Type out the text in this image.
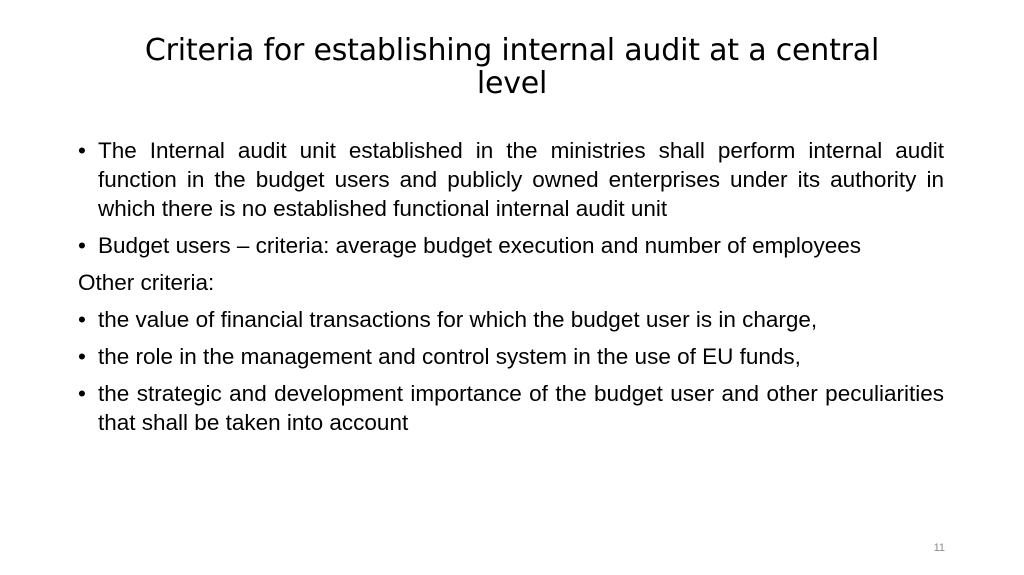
Criteria for establishing internal audit at a central level
• The Internal audit unit established in the ministries shall perform internal audit function in the budget users and publicly owned enterprises under its authority in which there is no established functional internal audit unit
• Budget users – criteria: average budget execution and number of employees

Other criteria:

• the value of financial transactions for which the budget user is in charge,
• the role in the management and control system in the use of EU funds,
• the strategic and development importance of the budget user and other peculiarities that shall be taken into account
11
